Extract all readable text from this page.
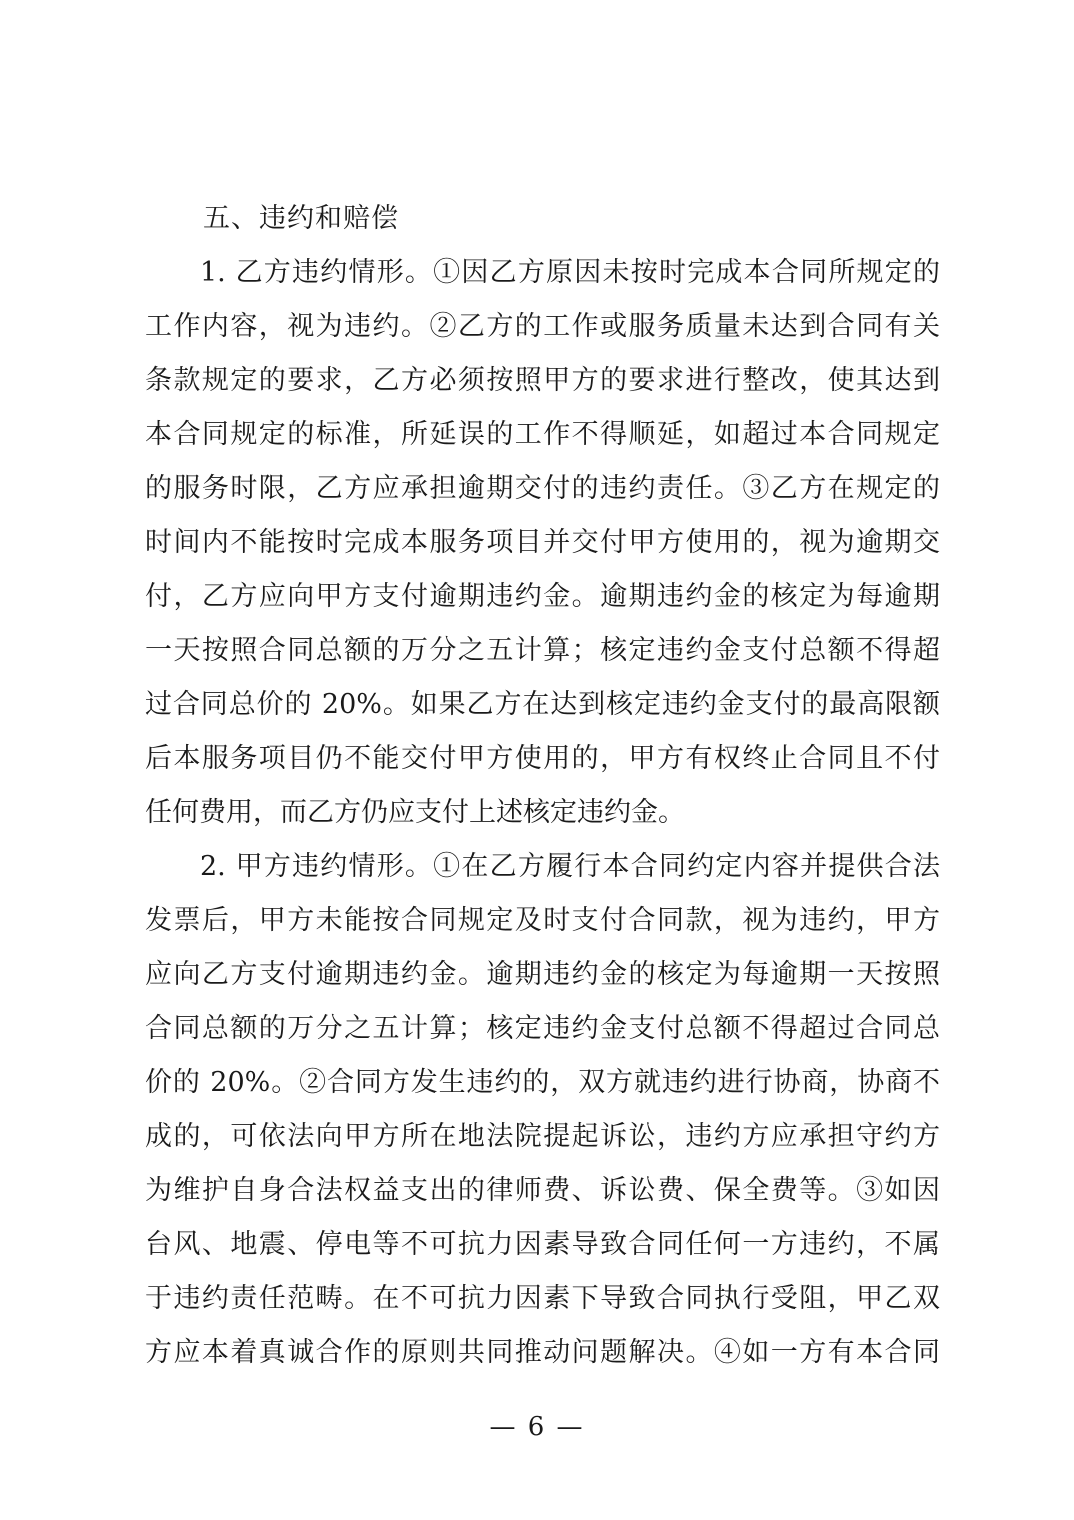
五、违约和赔偿
1. 乙方违约情形。①因乙方原因未按时完成本合同所规定的
工作内容，视为违约。②乙方的工作或服务质量未达到合同有关
条款规定的要求，乙方必须按照甲方的要求进行整改，使其达到
本合同规定的标准，所延误的工作不得顺延，如超过本合同规定
的服务时限，乙方应承担逾期交付的违约责任。③乙方在规定的
时间内不能按时完成本服务项目并交付甲方使用的，视为逾期交
付，乙方应向甲方支付逾期违约金。逾期违约金的核定为每逾期
一天按照合同总额的万分之五计算；核定违约金支付总额不得超
过合同总价的 20%。如果乙方在达到核定违约金支付的最高限额
后本服务项目仍不能交付甲方使用的，甲方有权终止合同且不付
任何费用，而乙方仍应支付上述核定违约金。
2. 甲方违约情形。①在乙方履行本合同约定内容并提供合法
发票后，甲方未能按合同规定及时支付合同款，视为违约，甲方
应向乙方支付逾期违约金。逾期违约金的核定为每逾期一天按照
合同总额的万分之五计算；核定违约金支付总额不得超过合同总
价的 20%。②合同方发生违约的，双方就违约进行协商，协商不
成的，可依法向甲方所在地法院提起诉讼，违约方应承担守约方
为维护自身合法权益支出的律师费、诉讼费、保全费等。③如因
台风、地震、停电等不可抗力因素导致合同任何一方违约，不属
于违约责任范畴。在不可抗力因素下导致合同执行受阻，甲乙双
方应本着真诚合作的原则共同推动问题解决。④如一方有本合同
— 6 —
